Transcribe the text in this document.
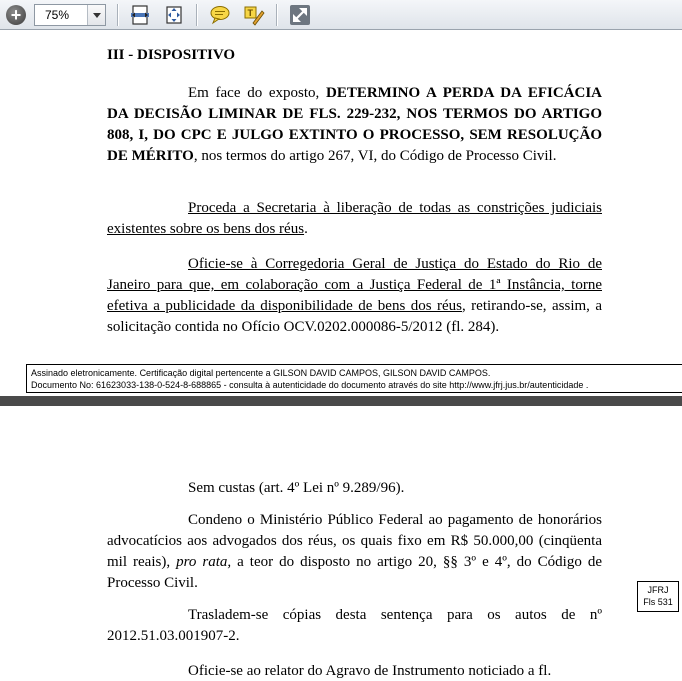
+	75%	T
III - DISPOSITIVO

Em face do exposto, DETERMINO A PERDA DA EFICÁCIA DA DECISÃO LIMINAR DE FLS. 229-232, NOS TERMOS DO ARTIGO 808, I, DO CPC E JULGO EXTINTO O PROCESSO, SEM RESOLUÇÃO DE MÉRITO, nos termos do artigo 267, VI, do Código de Processo Civil.

Proceda a Secretaria à liberação de todas as constrições judiciais existentes sobre os bens dos réus.

Oficie-se à Corregedoria Geral de Justiça do Estado do Rio de Janeiro para que, em colaboração com a Justiça Federal de 1ª Instância, torne efetiva a publicidade da disponibilidade de bens dos réus, retirando-se, assim, a solicitação contida no Ofício OCV.0202.000086-5/2012 (fl. 284).

Assinado eletronicamente. Certificação digital pertencente a GILSON DAVID CAMPOS, GILSON DAVID CAMPOS.
Documento No: 61623033-138-0-524-8-688865 - consulta à autenticidade do documento através do site http://www.jfrj.jus.br/autenticidade .

Sem custas (art. 4º Lei nº 9.289/96).

Condeno o Ministério Público Federal ao pagamento de honorários advocatícios aos advogados dos réus, os quais fixo em R$ 50.000,00 (cinqüenta mil reais), pro rata, a teor do disposto no artigo 20, §§ 3º e 4º, do Código de Processo Civil.

Trasladem-se cópias desta sentença para os autos de nº 2012.51.03.001907-2.

Oficie-se ao relator do Agravo de Instrumento noticiado a fl.

JFRJ
Fls 531
